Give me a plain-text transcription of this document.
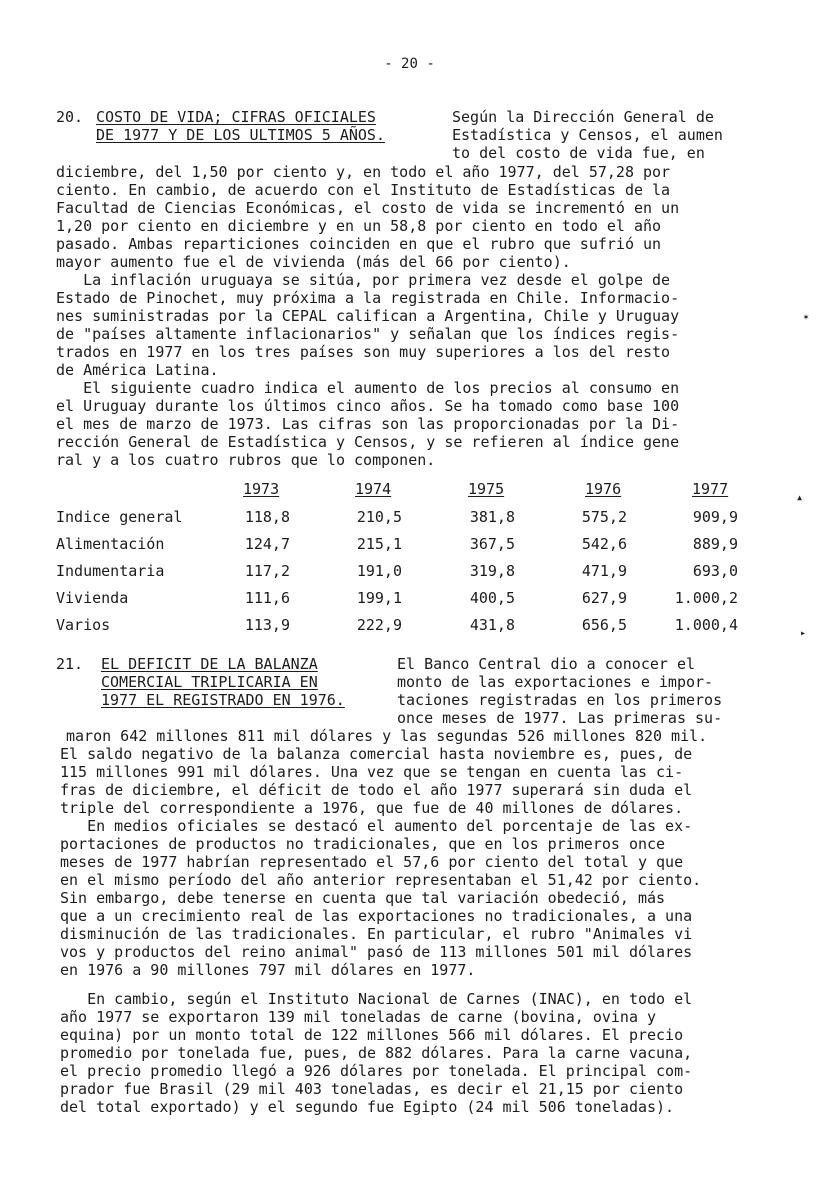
- 20 -
20. COSTO DE VIDA; CIFRAS OFICIALES
DE 1977 Y DE LOS ULTIMOS 5 AÑOS.
Según la Dirección General de
Estadística y Censos, el aumen
to del costo de vida fue, en
diciembre, del 1,50 por ciento y, en todo el año 1977, del 57,28 por
ciento. En cambio, de acuerdo con el Instituto de Estadísticas de la
Facultad de Ciencias Económicas, el costo de vida se incrementó en un
1,20 por ciento en diciembre y en un 58,8 por ciento en todo el año
pasado. Ambas reparticiones coinciden en que el rubro que sufrió un
mayor aumento fue el de vivienda (más del 66 por ciento).
La inflación uruguaya se sitúa, por primera vez desde el golpe de
Estado de Pinochet, muy próxima a la registrada en Chile. Informacio-
nes suministradas por la CEPAL califican a Argentina, Chile y Uruguay
de "países altamente inflacionarios" y señalan que los índices regis-
trados en 1977 en los tres países son muy superiores a los del resto
de América Latina.
El siguiente cuadro indica el aumento de los precios al consumo en
el Uruguay durante los últimos cinco años. Se ha tomado como base 100
el mes de marzo de 1973. Las cifras son las proporcionadas por la Di-
rección General de Estadística y Censos, y se refieren al índice gene
ral y a los cuatro rubros que lo componen.
1973	1974	1975	1976	1977
Indice general	118,8	210,5	381,8	575,2	909,9
Alimentación	124,7	215,1	367,5	542,6	889,9
Indumentaria	117,2	191,0	319,8	471,9	693,0
Vivienda	111,6	199,1	400,5	627,9	1.000,2
Varios	113,9	222,9	431,8	656,5	1.000,4
21. EL DEFICIT DE LA BALANZA
COMERCIAL TRIPLICARIA EN
1977 EL REGISTRADO EN 1976.
El Banco Central dio a conocer el
monto de las exportaciones e impor-
taciones registradas en los primeros
once meses de 1977. Las primeras su-
maron 642 millones 811 mil dólares y las segundas 526 millones 820 mil.
El saldo negativo de la balanza comercial hasta noviembre es, pues, de
115 millones 991 mil dólares. Una vez que se tengan en cuenta las ci-
fras de diciembre, el déficit de todo el año 1977 superará sin duda el
triple del correspondiente a 1976, que fue de 40 millones de dólares.
En medios oficiales se destacó el aumento del porcentaje de las ex-
portaciones de productos no tradicionales, que en los primeros once
meses de 1977 habrían representado el 57,6 por ciento del total y que
en el mismo período del año anterior representaban el 51,42 por ciento.
Sin embargo, debe tenerse en cuenta que tal variación obedeció, más
que a un crecimiento real de las exportaciones no tradicionales, a una
disminución de las tradicionales. En particular, el rubro "Animales vi
vos y productos del reino animal" pasó de 113 millones 501 mil dólares
en 1976 a 90 millones 797 mil dólares en 1977.
En cambio, según el Instituto Nacional de Carnes (INAC), en todo el
año 1977 se exportaron 139 mil toneladas de carne (bovina, ovina y
equina) por un monto total de 122 millones 566 mil dólares. El precio
promedio por tonelada fue, pues, de 882 dólares. Para la carne vacuna,
el precio promedio llegó a 926 dólares por tonelada. El principal com-
prador fue Brasil (29 mil 403 toneladas, es decir el 21,15 por ciento
del total exportado) y el segundo fue Egipto (24 mil 506 toneladas).
▴
▸
✶
